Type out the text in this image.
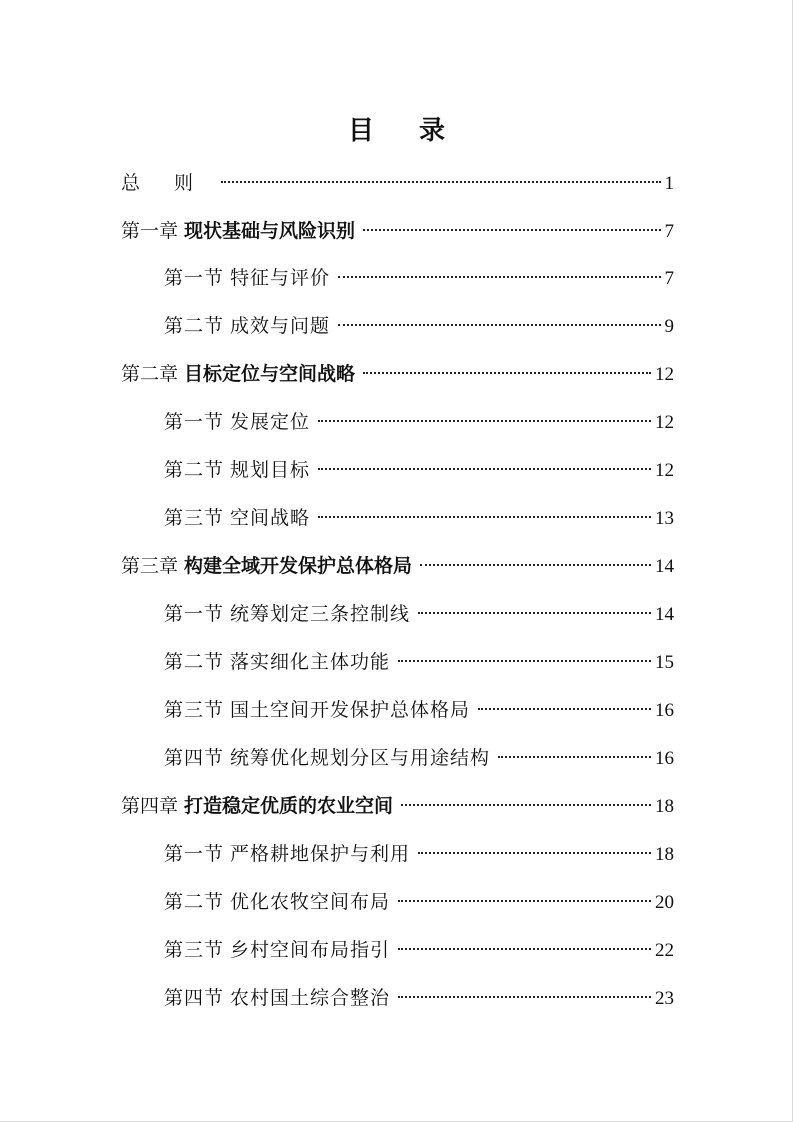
目 录
总 则	1
第一章 现状基础与风险识别	7
第一节 特征与评价	7
第二节 成效与问题	9
第二章 目标定位与空间战略	12
第一节 发展定位	12
第二节 规划目标	12
第三节 空间战略	13
第三章 构建全域开发保护总体格局	14
第一节 统筹划定三条控制线	14
第二节 落实细化主体功能	15
第三节 国土空间开发保护总体格局	16
第四节 统筹优化规划分区与用途结构	16
第四章 打造稳定优质的农业空间	18
第一节 严格耕地保护与利用	18
第二节 优化农牧空间布局	20
第三节 乡村空间布局指引	22
第四节 农村国土综合整治	23
